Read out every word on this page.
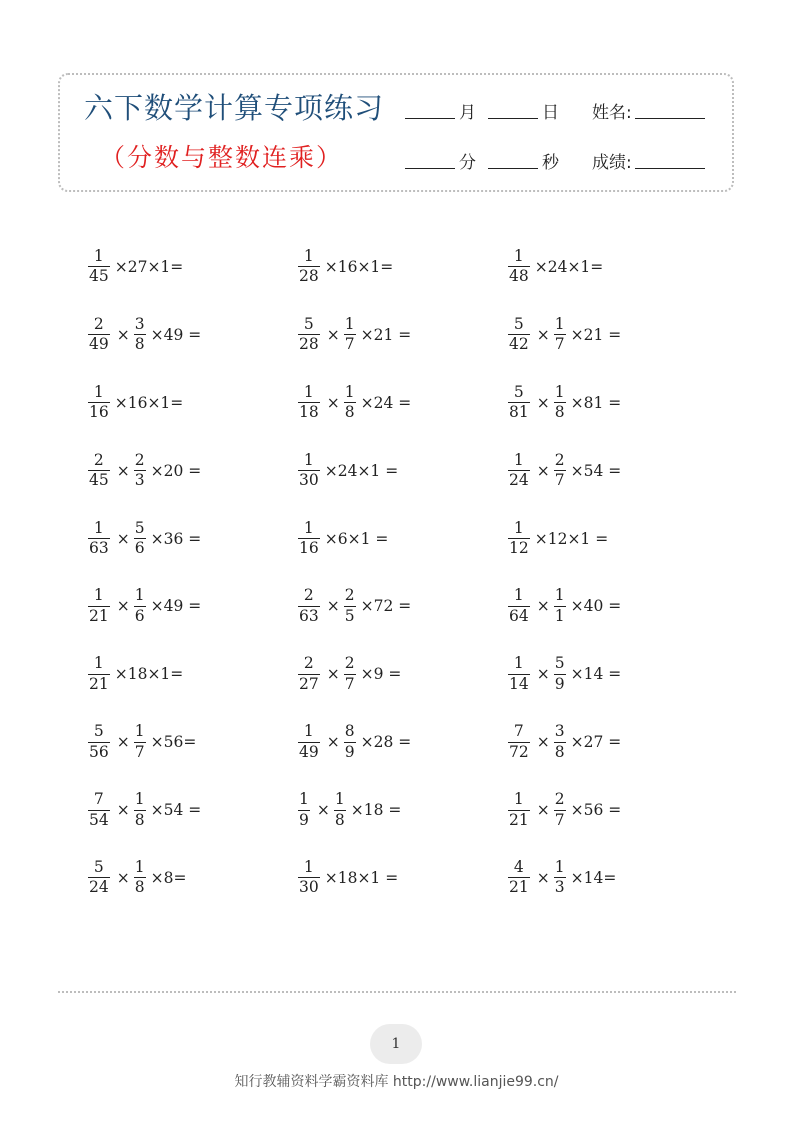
六下数学计算专项练习
（分数与整数连乘）
月	日 姓名:
分	秒 成绩:
$\frac{1}{45} \times 27\times 1=$	$\frac{1}{28} \times 16\times 1=$	$\frac{1}{48} \times 24\times 1=$
$\frac{2}{49} \times \frac{3}{8} \times 49$ =	$\frac{5}{28} \times \frac{1}{7} \times 21$ =	$\frac{5}{42} \times \frac{1}{7} \times 21$ =
$\frac{1}{16} \times 16\times 1=$	$\frac{1}{18} \times \frac{1}{8} \times 24$ =	$\frac{5}{81} \times \frac{1}{8} \times 81$ =
$\frac{2}{45} \times \frac{2}{3} \times 20$ =	$\frac{1}{30} \times 24\times 1$ =	$\frac{1}{24} \times \frac{2}{7} \times 54$ =
$\frac{1}{63} \times \frac{5}{6} \times 36$ =	$\frac{1}{16} \times 6\times 1$ =	$\frac{1}{12} \times 12\times 1$ =
$\frac{1}{21} \times \frac{1}{6} \times 49$ =	$\frac{2}{63} \times \frac{2}{5} \times 72$ =	$\frac{1}{64} \times \frac{1}{1} \times 40$ =
$\frac{1}{21} \times 18\times 1=$	$\frac{2}{27} \times \frac{2}{7} \times 9$ =	$\frac{1}{14} \times \frac{5}{9} \times 14$ =
$\frac{5}{56} \times \frac{1}{7} \times 56=$	$\frac{1}{49} \times \frac{8}{9} \times 28$ =	$\frac{7}{72} \times \frac{3}{8} \times 27$ =
$\frac{7}{54} \times \frac{1}{8} \times 54$ =	$\frac{1}{9} \times \frac{1}{8} \times 18$ =	$\frac{1}{21} \times \frac{2}{7} \times 56$ =
$\frac{5}{24} \times \frac{1}{8} \times 8=$	$\frac{1}{30} \times 18\times 1$ =	$\frac{4}{21} \times \frac{1}{3} \times 14=$
1
知行教辅资料学霸资料库 http://www.lianjie99.cn/
